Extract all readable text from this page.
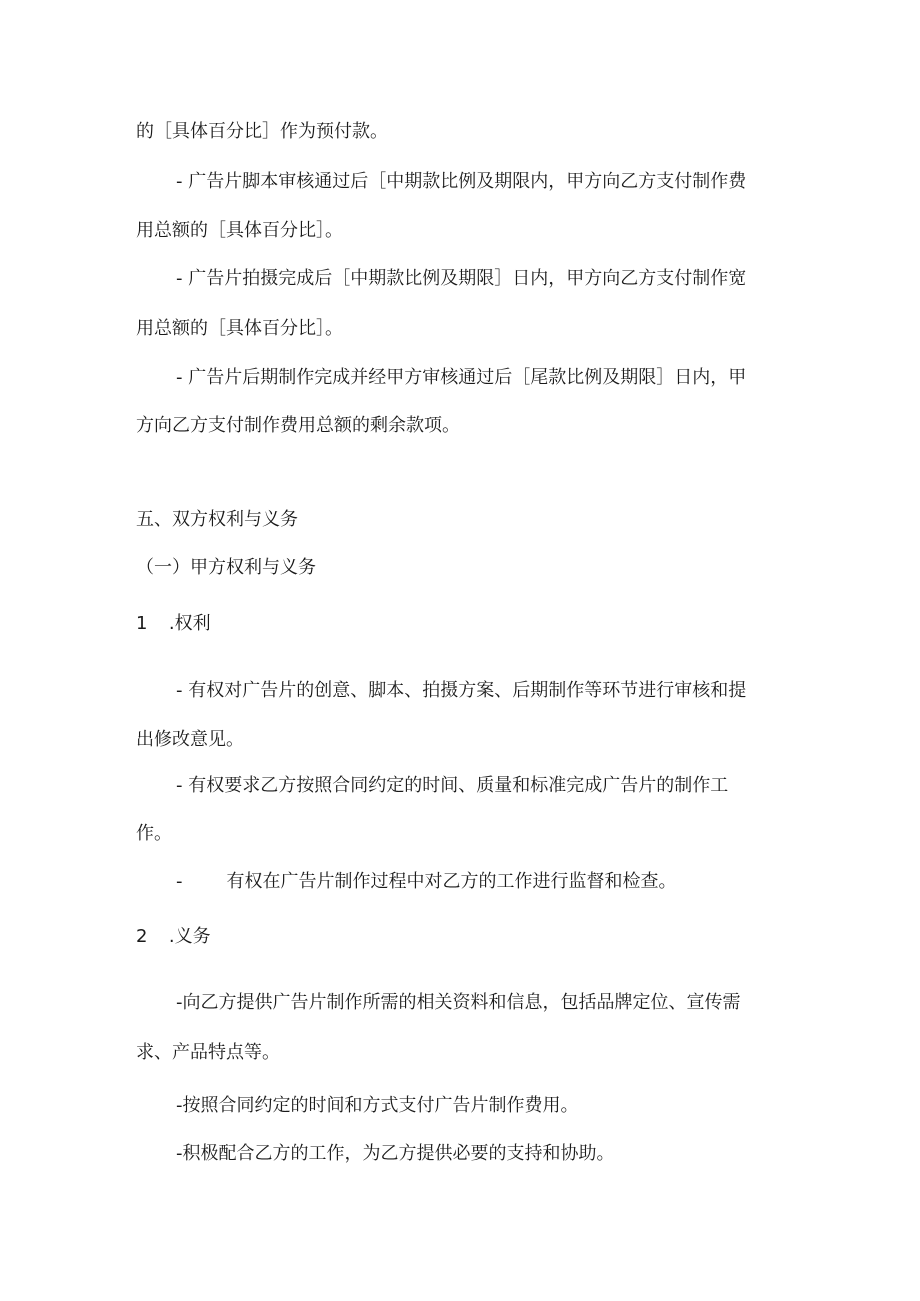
的［具体百分比］作为预付款。
- 广告片脚本审核通过后［中期款比例及期限内，甲方向乙方支付制作费
用总额的［具体百分比］。
- 广告片拍摄完成后［中期款比例及期限］日内，甲方向乙方支付制作宽
用总额的［具体百分比］。
- 广告片后期制作完成并经甲方审核通过后［尾款比例及期限］日内，甲
方向乙方支付制作费用总额的剩余款项。
五、双方权利与义务
（一）甲方权利与义务
1 .权利
- 有权对广告片的创意、脚本、拍摄方案、后期制作等环节进行审核和提
出修改意见。
- 有权要求乙方按照合同约定的时间、质量和标准完成广告片的制作工
作。
- 有权在广告片制作过程中对乙方的工作进行监督和检查。
2 .义务
-向乙方提供广告片制作所需的相关资料和信息，包括品牌定位、宣传需
求、产品特点等。
-按照合同约定的时间和方式支付广告片制作费用。
-积极配合乙方的工作，为乙方提供必要的支持和协助。
